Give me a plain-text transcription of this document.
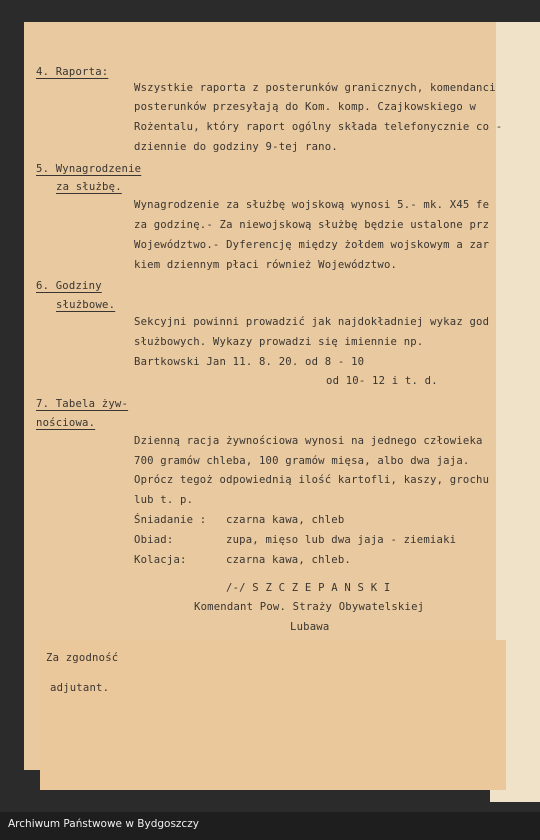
4. Raporta:
Wszystkie raporta z posterunków granicznych, komendanci
posterunków przesyłają do Kom. komp. Czajkowskiego w
Rożentalu, który raport ogólny składa telefonycznie co -
dziennie do godziny 9-tej rano.
5. Wynagrodzenie
za służbę.
Wynagrodzenie za służbę wojskową wynosi 5.- mk. X45 fe
za godzinę.- Za niewojskową służbę będzie ustalone prz
Województwo.- Dyferencję między żołdem wojskowym a zar
kiem dziennym płaci również Województwo.
6. Godziny
służbowe.
Sekcyjni powinni prowadzić jak najdokładniej wykaz god
służbowych. Wykazy prowadzi się imiennie np.
Bartkowski Jan 11. 8. 20. od 8 - 10
od 10- 12 i t. d.
7. Tabela żyw-
nościowa.
Dzienną racja żywnościowa wynosi na jednego człowieka
700 gramów chleba, 100 gramów mięsa, albo dwa jaja.
Oprócz tegoż odpowiednią ilość kartofli, kaszy, grochu
lub t. p.
Śniadanie : czarna kawa, chleb
Obiad:	zupa, mięso lub dwa jaja - ziemiaki
Kolacja:	czarna kawa, chleb.
/-/ S Z C Z E P A N S K I
Komendant Pow. Straży Obywatelskiej
Lubawa
Za zgodność
adjutant.
Archiwum Państwowe w Bydgoszczy
